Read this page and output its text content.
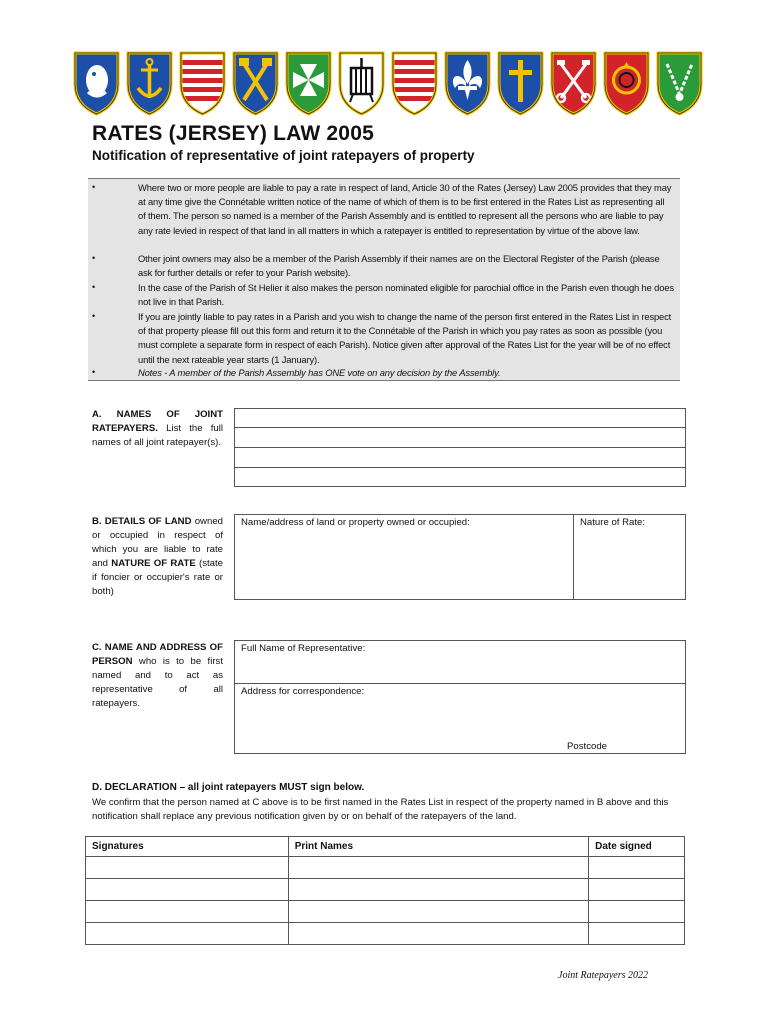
RATES (JERSEY) LAW 2005
Notification of representative of joint ratepayers of property
•	Where two or more people are liable to pay a rate in respect of land, Article 30 of the Rates (Jersey) Law 2005 provides that they may at any time give the Connétable written notice of the name of which of them is to be first entered in the Rates List as representing all of them. The person so named is a member of the Parish Assembly and is entitled to represent all the persons who are liable to pay any rate levied in respect of that land in all matters in which a ratepayer is entitled to representation by virtue of the above law.
•	Other joint owners may also be a member of the Parish Assembly if their names are on the Electoral Register of the Parish (please ask for further details or refer to your Parish website).
•	In the case of the Parish of St Helier it also makes the person nominated eligible for parochial office in the Parish even though he does not live in that Parish.
•	If you are jointly liable to pay rates in a Parish and you wish to change the name of the person first entered in the Rates List in respect of that property please fill out this form and return it to the Connétable of the Parish in which you pay rates as soon as possible (you must complete a separate form in respect of each Parish). Notice given after approval of the Rates List for the year will be of no effect until the next rateable year starts (1 January).
•	Notes - A member of the Parish Assembly has ONE vote on any decision by the Assembly.
A. NAMES OF JOINT RATEPAYERS. List the full names of all joint ratepayer(s).
B. DETAILS OF LAND owned or occupied in respect of which you are liable to rate and NATURE OF RATE (state if foncier or occupier's rate or both)
Name/address of land or property owned or occupied:	Nature of Rate:
C. NAME AND ADDRESS OF PERSON who is to be first named and to act as representative of all ratepayers.
Full Name of Representative:
Address for correspondence:
Postcode
D. DECLARATION – all joint ratepayers MUST sign below.
We confirm that the person named at C above is to be first named in the Rates List in respect of the property named in B above and this notification shall replace any previous notification given by or on behalf of the ratepayers of the land.
Signatures	Print Names	Date signed

Joint Ratepayers 2022
